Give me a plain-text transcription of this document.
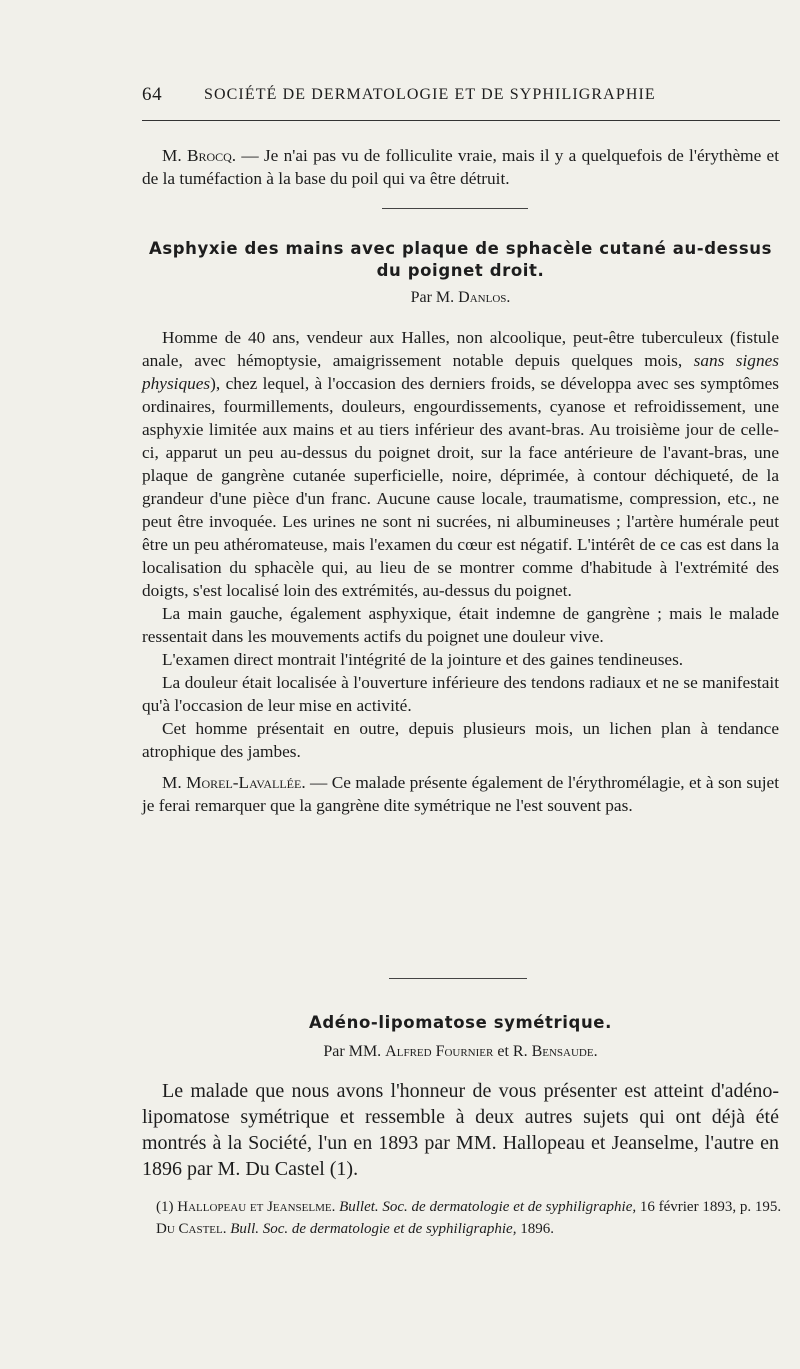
64	SOCIÉTÉ DE DERMATOLOGIE ET DE SYPHILIGRAPHIE

M. Brocq. — Je n'ai pas vu de folliculite vraie, mais il y a quelquefois de l'érythème et de la tuméfaction à la base du poil qui va être détruit.

Asphyxie des mains avec plaque de sphacèle cutané au-dessus
du poignet droit.
Par M. Danlos.

Homme de 40 ans, vendeur aux Halles, non alcoolique, peut-être tuberculeux (fistule anale, avec hémoptysie, amaigrissement notable depuis quelques mois, sans signes physiques), chez lequel, à l'occasion des derniers froids, se développa avec ses symptômes ordinaires, fourmillements, douleurs, engourdissements, cyanose et refroidissement, une asphyxie limitée aux mains et au tiers inférieur des avant-bras. Au troisième jour de celle-ci, apparut un peu au-dessus du poignet droit, sur la face antérieure de l'avant-bras, une plaque de gangrène cutanée superficielle, noire, déprimée, à contour déchiqueté, de la grandeur d'une pièce d'un franc. Aucune cause locale, traumatisme, compression, etc., ne peut être invoquée. Les urines ne sont ni sucrées, ni albumineuses ; l'artère humérale peut être un peu athéromateuse, mais l'examen du cœur est négatif. L'intérêt de ce cas est dans la localisation du sphacèle qui, au lieu de se montrer comme d'habitude à l'extrémité des doigts, s'est localisé loin des extrémités, au-dessus du poignet.

La main gauche, également asphyxique, était indemne de gangrène ; mais le malade ressentait dans les mouvements actifs du poignet une douleur vive.

L'examen direct montrait l'intégrité de la jointure et des gaines tendineuses.

La douleur était localisée à l'ouverture inférieure des tendons radiaux et ne se manifestait qu'à l'occasion de leur mise en activité.

Cet homme présentait en outre, depuis plusieurs mois, un lichen plan à tendance atrophique des jambes.

M. Morel-Lavallée. — Ce malade présente également de l'érythromélagie, et à son sujet je ferai remarquer que la gangrène dite symétrique ne l'est souvent pas.

Adéno-lipomatose symétrique.
Par MM. Alfred Fournier et R. Bensaude.

Le malade que nous avons l'honneur de vous présenter est atteint d'adéno-lipomatose symétrique et ressemble à deux autres sujets qui ont déjà été montrés à la Société, l'un en 1893 par MM. Hallopeau et Jeanselme, l'autre en 1896 par M. Du Castel (1).

(1) Hallopeau et Jeanselme. Bullet. Soc. de dermatologie et de syphiligraphie, 16 février 1893, p. 195.

Du Castel. Bull. Soc. de dermatologie et de syphiligraphie, 1896.
